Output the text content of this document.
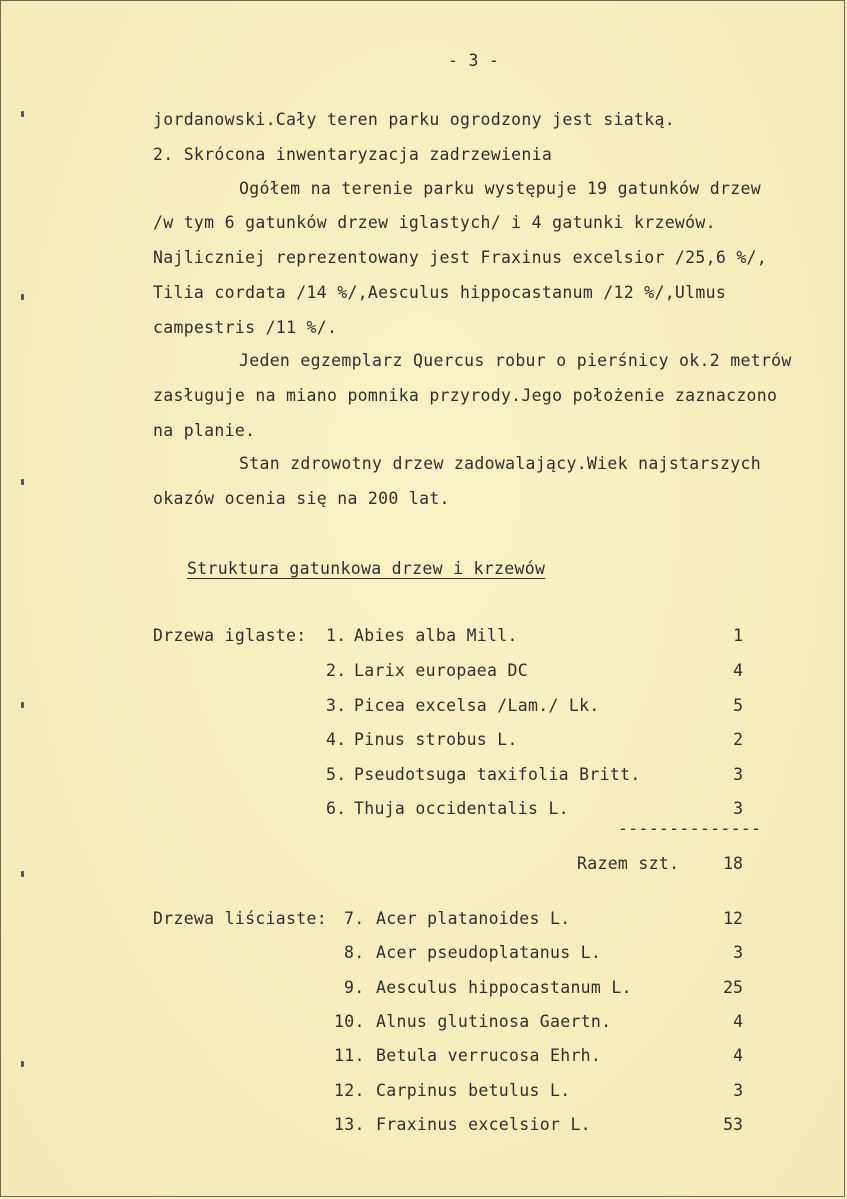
- 3 -
jordanowski.Cały teren parku ogrodzony jest siatką.
2. Skrócona inwentaryzacja zadrzewienia
Ogółem na terenie parku występuje 19 gatunków drzew
/w tym 6 gatunków drzew iglastych/ i 4 gatunki krzewów.
Najliczniej reprezentowany jest Fraxinus excelsior /25,6 %/,
Tilia cordata /14 %/,Aesculus hippocastanum /12 %/,Ulmus
campestris /11 %/.
Jeden egzemplarz Quercus robur o pierśnicy ok.2 metrów
zasługuje na miano pomnika przyrody.Jego położenie zaznaczono
na planie.
Stan zdrowotny drzew zadowalający.Wiek najstarszych
okazów ocenia się na 200 lat.
Struktura gatunkowa drzew i krzewów
Drzewa iglaste: 1. Abies alba Mill.	1
2. Larix europaea DC	4
3. Picea excelsa /Lam./ Lk.	5
4. Pinus strobus L.	2
5. Pseudotsuga taxifolia Britt.	3
6. Thuja occidentalis L.	3
--------------
Razem szt.	18
Drzewa liściaste: 7. Acer platanoides L.	12
8. Acer pseudoplatanus L.	3
9. Aesculus hippocastanum L.	25
10. Alnus glutinosa Gaertn.	4
11. Betula verrucosa Ehrh.	4
12. Carpinus betulus L.	3
13. Fraxinus excelsior L.	53
